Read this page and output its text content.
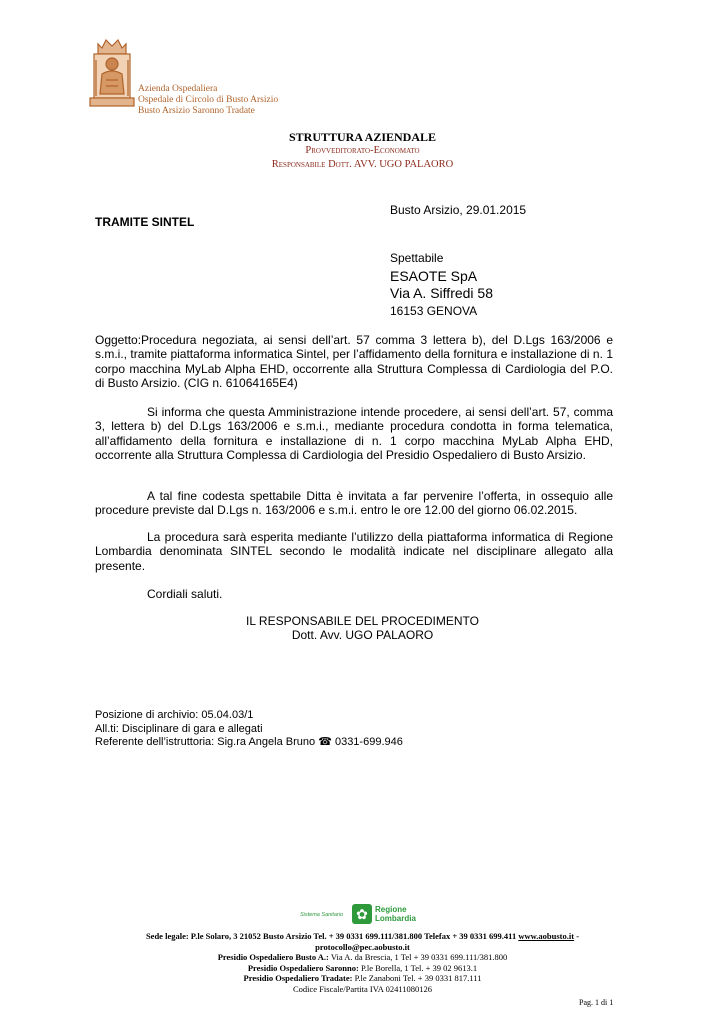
Azienda Ospedaliera
Ospedale di Circolo di Busto Arsizio
Busto Arsizio Saronno Tradate
STRUTTURA AZIENDALE
Provveditorato-Economato
Responsabile Dott. AVV. UGO PALAORO
Busto Arsizio, 29.01.2015
TRAMITE SINTEL
Spettabile
ESAOTE SpA
Via A. Siffredi 58
16153 GENOVA
Oggetto:Procedura negoziata, ai sensi dell’art. 57 comma 3 lettera b), del D.Lgs 163/2006 e s.m.i., tramite piattaforma informatica Sintel, per l’affidamento della fornitura e installazione di n. 1 corpo macchina MyLab Alpha EHD, occorrente alla Struttura Complessa di Cardiologia del P.O. di Busto Arsizio. (CIG n. 61064165E4)
Si informa che questa Amministrazione intende procedere, ai sensi dell’art. 57, comma 3, lettera b) del D.Lgs 163/2006 e s.m.i., mediante procedura condotta in forma telematica, all’affidamento della fornitura e installazione di n. 1 corpo macchina MyLab Alpha EHD, occorrente alla Struttura Complessa di Cardiologia del Presidio Ospedaliero di Busto Arsizio.
A tal fine codesta spettabile Ditta è invitata a far pervenire l’offerta, in ossequio alle procedure previste dal D.Lgs n. 163/2006 e s.m.i. entro le ore 12.00 del giorno 06.02.2015.
La procedura sarà esperita mediante l’utilizzo della piattaforma informatica di Regione Lombardia denominata SINTEL secondo le modalità indicate nel disciplinare allegato alla presente.
Cordiali saluti.
IL RESPONSABILE DEL PROCEDIMENTO
Dott. Avv. UGO PALAORO
Posizione di archivio: 05.04.03/1
All.ti: Disciplinare di gara e allegati
Referente dell’istruttoria: Sig.ra Angela Bruno ☎ 0331-699.946
Sistema Sanitario ✿ Regione
Lombardia
Sede legale: P.le Solaro, 3 21052 Busto Arsizio Tel. + 39 0331 699.111/381.800 Telefax + 39 0331 699.411 www.aobusto.it -
protocollo@pec.aobusto.it
Presidio Ospedaliero Busto A.: Via A. da Brescia, 1 Tel + 39 0331 699.111/381.800
Presidio Ospedaliero Saronno: P.le Borella, 1 Tel. + 39 02 9613.1
Presidio Ospedaliero Tradate: P.le Zanaboni Tel. + 39 0331 817.111
Codice Fiscale/Partita IVA 02411080126
Pag. 1 di 1
